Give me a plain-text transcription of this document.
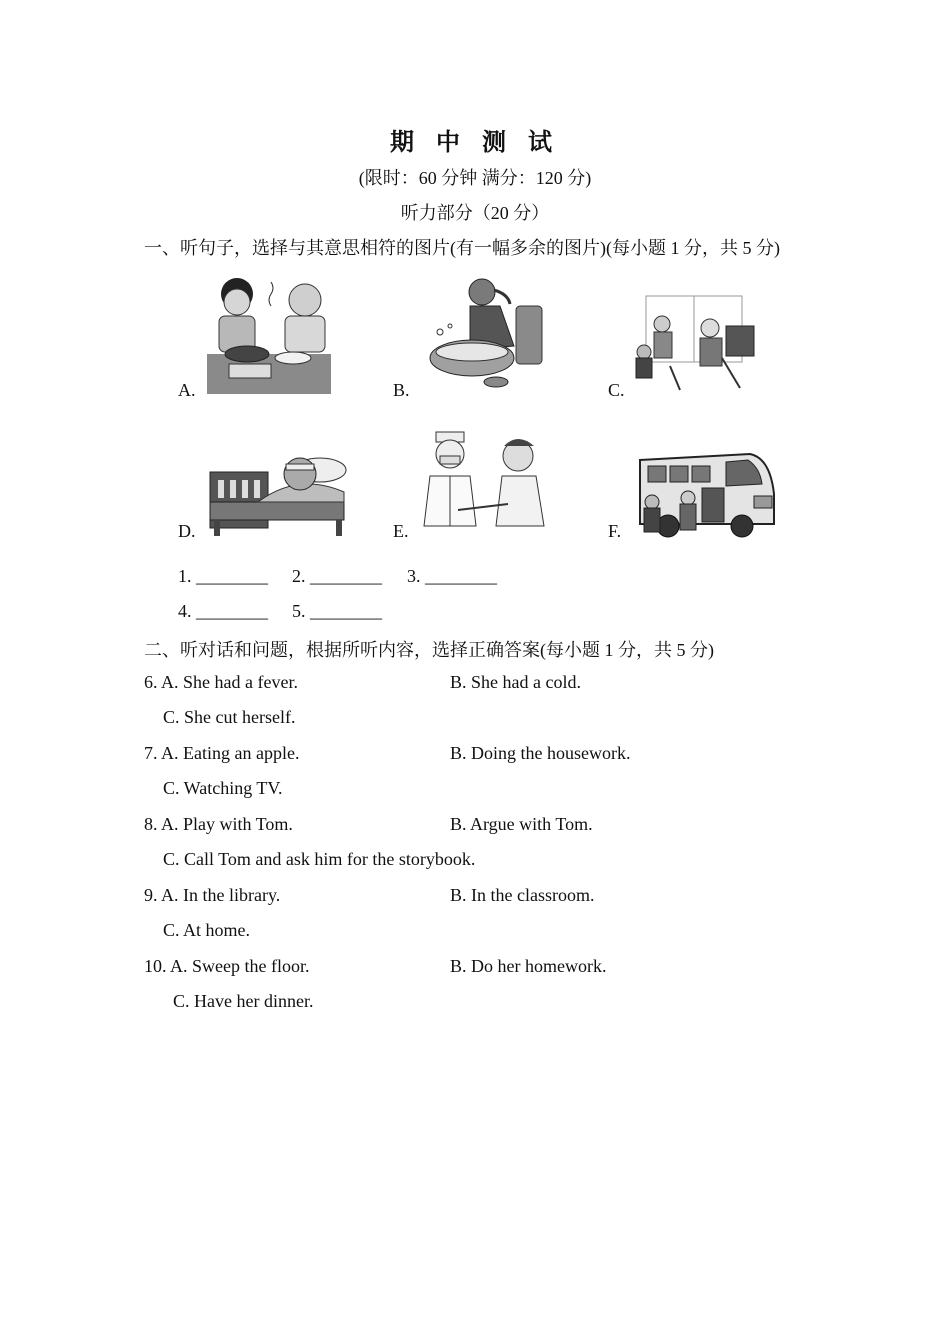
期 中 测 试
(限时：60 分钟 满分：120 分)
听力部分（20 分）
一、听句子，选择与其意思相符的图片(有一幅多余的图片)(每小题 1 分，共 5 分)
A.	B.	C.
D.	E.	F.
1. ________ 2. ________ 3. ________
4. ________ 5. ________
二、听对话和问题，根据所听内容，选择正确答案(每小题 1 分，共 5 分)
6. A. She had a fever.	B. She had a cold.
C. She cut herself.
7. A. Eating an apple.	B. Doing the housework.
C. Watching TV.
8. A. Play with Tom.	B. Argue with Tom.
C. Call Tom and ask him for the storybook.
9. A. In the library.	B. In the classroom.
C. At home.
10. A. Sweep the floor.	B. Do her homework.
C. Have her dinner.
